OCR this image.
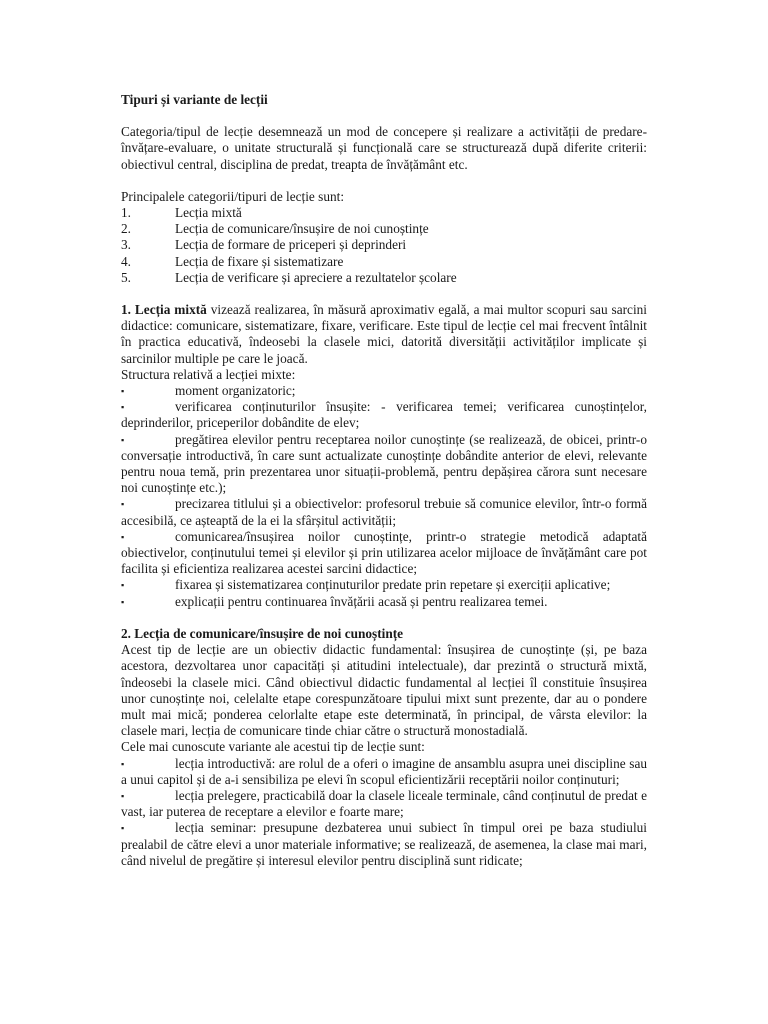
Tipuri și variante de lecții

Categoria/tipul de lecție desemnează un mod de concepere și realizare a activității de predare-învățare-evaluare, o unitate structurală și funcțională care se structurează după diferite criterii: obiectivul central, disciplina de predat, treapta de învățământ etc.

Principalele categorii/tipuri de lecție sunt:

1.	Lecția mixtă
2.	Lecția de comunicare/însușire de noi cunoștințe
3.	Lecția de formare de priceperi și deprinderi
4.	Lecția de fixare și sistematizare
5.	Lecția de verificare și apreciere a rezultatelor școlare

1. Lecția mixtă vizează realizarea, în măsură aproximativ egală, a mai multor scopuri sau sarcini didactice: comunicare, sistematizare, fixare, verificare. Este tipul de lecție cel mai frecvent întâlnit în practica educativă, îndeosebi la clasele mici, datorită diversității activităților implicate și sarcinilor multiple pe care le joacă.

Structura relativă a lecției mixte:

▪	moment organizatoric;

▪	verificarea conținuturilor însușite: - verificarea temei; verificarea cunoștințelor, deprinderilor, priceperilor dobândite de elev;

▪	pregătirea elevilor pentru receptarea noilor cunoștințe (se realizează, de obicei, printr-o conversație introductivă, în care sunt actualizate cunoștințe dobândite anterior de elevi, relevante pentru noua temă, prin prezentarea unor situații-problemă, pentru depășirea cărora sunt necesare noi cunoștințe etc.);

▪	precizarea titlului și a obiectivelor: profesorul trebuie să comunice elevilor, într-o formă accesibilă, ce așteaptă de la ei la sfârșitul activității;

▪	comunicarea/însușirea noilor cunoștințe, printr-o strategie metodică adaptată obiectivelor, conținutului temei și elevilor și prin utilizarea acelor mijloace de învățământ care pot facilita și eficientiza realizarea acestei sarcini didactice;

▪	fixarea și sistematizarea conținuturilor predate prin repetare și exerciții aplicative;

▪	explicații pentru continuarea învățării acasă și pentru realizarea temei.

2. Lecția de comunicare/însușire de noi cunoștințe

Acest tip de lecție are un obiectiv didactic fundamental: însușirea de cunoștințe (și, pe baza acestora, dezvoltarea unor capacități și atitudini intelectuale), dar prezintă o structură mixtă, îndeosebi la clasele mici. Când obiectivul didactic fundamental al lecției îl constituie însușirea unor cunoștințe noi, celelalte etape corespunzătoare tipului mixt sunt prezente, dar au o pondere mult mai mică; ponderea celorlalte etape este determinată, în principal, de vârsta elevilor: la clasele mari, lecția de comunicare tinde chiar către o structură monostadială.

Cele mai cunoscute variante ale acestui tip de lecție sunt:

▪	lecția introductivă: are rolul de a oferi o imagine de ansamblu asupra unei discipline sau a unui capitol și de a-i sensibiliza pe elevi în scopul eficientizării receptării noilor conținuturi;

▪	lecția prelegere, practicabilă doar la clasele liceale terminale, când conținutul de predat e vast, iar puterea de receptare a elevilor e foarte mare;

▪	lecția seminar: presupune dezbaterea unui subiect în timpul orei pe baza studiului prealabil de către elevi a unor materiale informative; se realizează, de asemenea, la clase mai mari, când nivelul de pregătire și interesul elevilor pentru disciplină sunt ridicate;
